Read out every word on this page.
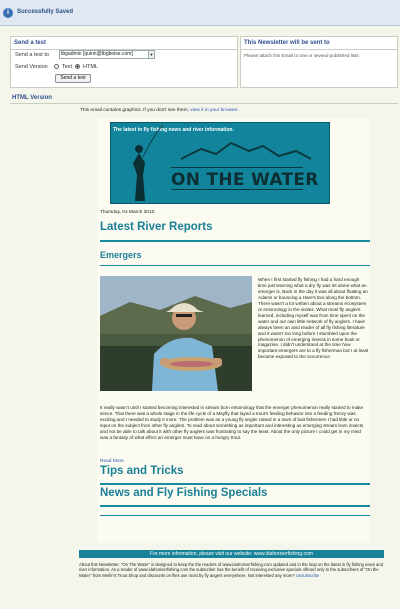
i	Successfully Saved
Send a test
Send a test to	tbgadmin [quinn@tbgboise.com]	▼
Send Version	Text HTML
Send a test
This Newsletter will be sent to
Please attach this Email to one or several published lists
HTML Version
This email contains graphics. If you don't see them, view it in your browser.
The latest in fly fishing news and river information.
ON THE WATER
Thursday, 04 March 2010
Latest River Reports
Emergers
When I first started fly fishing I had a hard enough time just learning what a dry fly was let alone what an emerger is. Back in the day it was all about floating an Adams or bouncing a Hare's Ear along the bottom. There wasn't a lot written about a streams ecosystem or entomology in the sixties. What most fly anglers learned, including myself was from time spent on the water and our own little network of fly anglers. I have always been an avid reader of all fly fishing literature and it wasn't too long before I stumbled upon the phenomenon of emerging insects in some book or magazine. I didn't understand at the time how important emergers are to a fly fisherman but I at least became exposed to the occurrence.
It really wasn't until I started becoming interested in stream born entomology that the emerger phenomenon really started to make sence. That there was a whole stage in the life cycle of a Mayfly that layed a trout's feeding behavior into a feeding frenzy was exciting and I needed to study it more. The problem was as a young fly angler raised in a town of bait fishermen I had little or no input on the subject from other fly anglers. To read about something as important and interesting as emerging stream born insects and not be able to talk about it with other fly anglers was frustrating to say the least. About the only picture I could get in my mind was a fantasy of what effect an emerger must have on a hungry trout.
Read More
Tips and Tricks
News and Fly Fishing Specials
For more information, please visit our website: www.idahoriverfishing.com
About this Newsletter: "On The Water" is designed to keep the the readers of www.idahoriverfishing.com updated and in the loop on the latest in fly fishing news and river information. As a reader of www.idahoriverfishing.com the subscriber has the benefit of receiving exclusive specials offered only to the subscribers of "On the Water" from Merlin's Trout Shop and discounts on flies use most by fly angers everywhere. Not interested any more? Unsubscribe
